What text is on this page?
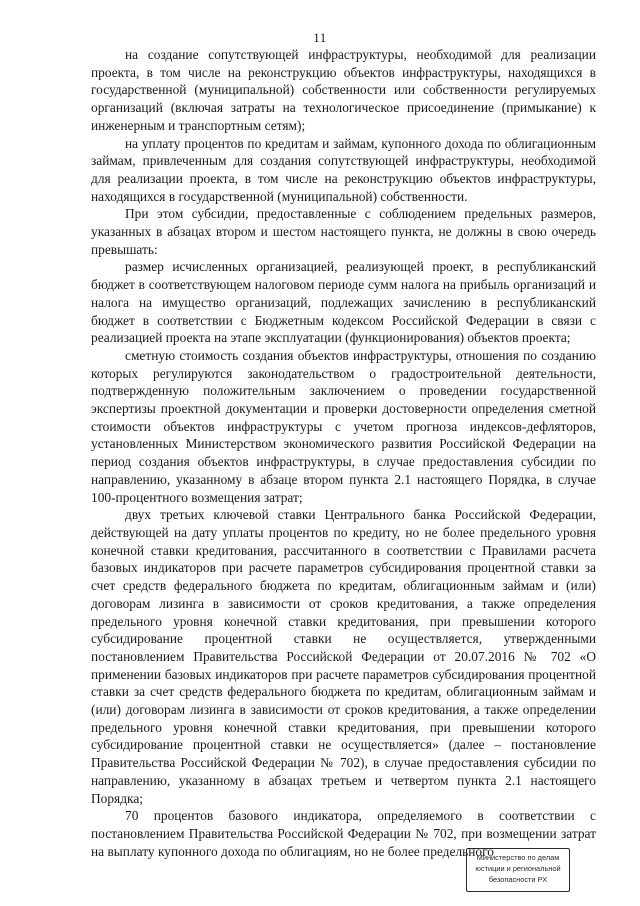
11

на создание сопутствующей инфраструктуры, необходимой для реализации проекта, в том числе на реконструкцию объектов инфраструктуры, находящихся в государственной (муниципальной) собственности или собственности регулируемых организаций (включая затраты на технологическое присоединение (примыкание) к инженерным и транспортным сетям);

на уплату процентов по кредитам и займам, купонного дохода по облигационным займам, привлеченным для создания сопутствующей инфраструктуры, необходимой для реализации проекта, в том числе на реконструкцию объектов инфраструктуры, находящихся в государственной (муниципальной) собственности.

При этом субсидии, предоставленные с соблюдением предельных размеров, указанных в абзацах втором и шестом настоящего пункта, не должны в свою очередь превышать:

размер исчисленных организацией, реализующей проект, в республиканский бюджет в соответствующем налоговом периоде сумм налога на прибыль организаций и налога на имущество организаций, подлежащих зачислению в республиканский бюджет в соответствии с Бюджетным кодексом Российской Федерации в связи с реализацией проекта на этапе эксплуатации (функционирования) объектов проекта;

сметную стоимость создания объектов инфраструктуры, отношения по созданию которых регулируются законодательством о градостроительной деятельности, подтвержденную положительным заключением о проведении государственной экспертизы проектной документации и проверки достоверности определения сметной стоимости объектов инфраструктуры с учетом прогноза индексов-дефляторов, установленных Министерством экономического развития Российской Федерации на период создания объектов инфраструктуры, в случае предоставления субсидии по направлению, указанному в абзаце втором пункта 2.1 настоящего Порядка, в случае 100-процентного возмещения затрат;

двух третьих ключевой ставки Центрального банка Российской Федерации, действующей на дату уплаты процентов по кредиту, но не более предельного уровня конечной ставки кредитования, рассчитанного в соответствии с Правилами расчета базовых индикаторов при расчете параметров субсидирования процентной ставки за счет средств федерального бюджета по кредитам, облигационным займам и (или) договорам лизинга в зависимости от сроков кредитования, а также определения предельного уровня конечной ставки кредитования, при превышении которого субсидирование процентной ставки не осуществляется, утвержденными постановлением Правительства Российской Федерации от 20.07.2016 № 702 «О применении базовых индикаторов при расчете параметров субсидирования процентной ставки за счет средств федерального бюджета по кредитам, облигационным займам и (или) договорам лизинга в зависимости от сроков кредитования, а также определении предельного уровня конечной ставки кредитования, при превышении которого субсидирование процентной ставки не осуществляется» (далее – постановление Правительства Российской Федерации № 702), в случае предоставления субсидии по направлению, указанному в абзацах третьем и четвертом пункта 2.1 настоящего Порядка;

70 процентов базового индикатора, определяемого в соответствии с постановлением Правительства Российской Федерации № 702, при возмещении затрат на выплату купонного дохода по облигациям, но не более предельного

Министерство по делам
юстиции и региональной
безопасности РХ
